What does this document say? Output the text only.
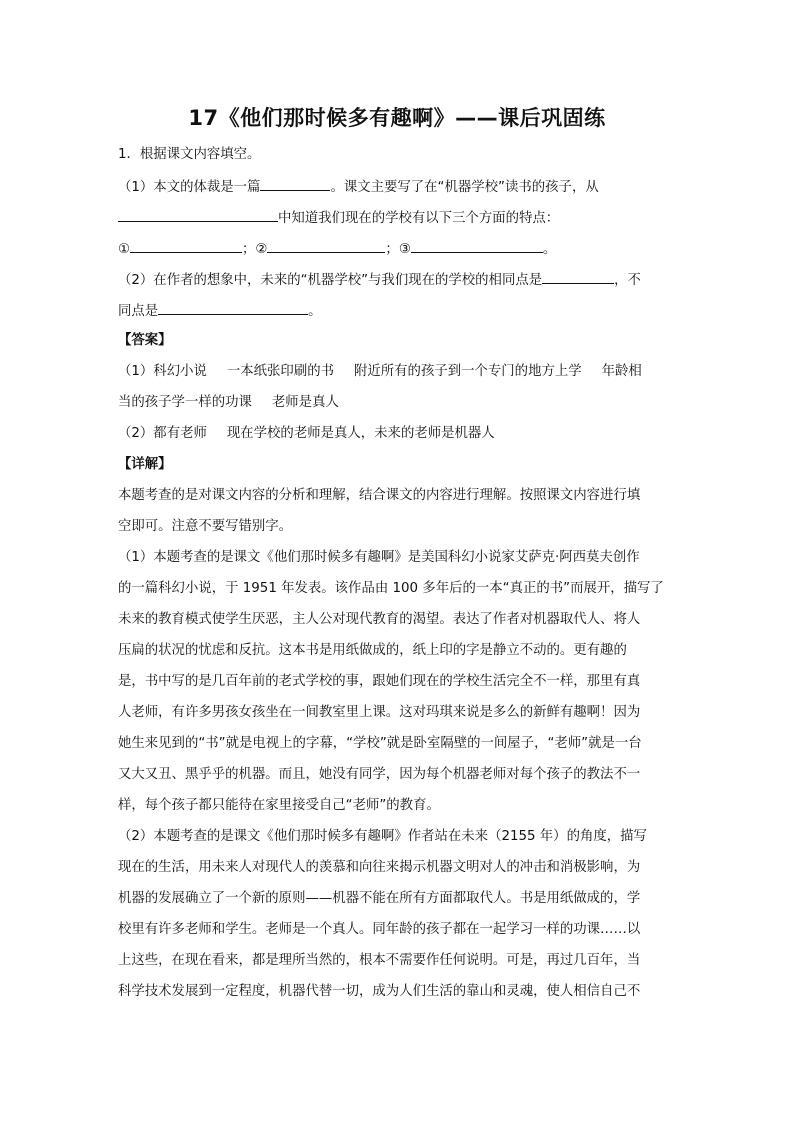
17《他们那时候多有趣啊》——课后巩固练
1．根据课文内容填空。
（1）本文的体裁是一篇	。课文主要写了在“机器学校”读书的孩子，从
中知道我们现在的学校有以下三个方面的特点：
①	；②	；③	。
（2）在作者的想象中，未来的“机器学校”与我们现在的学校的相同点是	，不
同点是	。
【答案】
（1）科幻小说 一本纸张印刷的书 附近所有的孩子到一个专门的地方上学 年龄相
当的孩子学一样的功课 老师是真人
（2）都有老师 现在学校的老师是真人，未来的老师是机器人
【详解】
本题考查的是对课文内容的分析和理解，结合课文的内容进行理解。按照课文内容进行填
空即可。注意不要写错别字。
（1）本题考查的是课文《他们那时候多有趣啊》是美国科幻小说家艾萨克·阿西莫夫创作
的一篇科幻小说，于 1951 年发表。该作品由 100 多年后的一本“真正的书”而展开，描写了
未来的教育模式使学生厌恶，主人公对现代教育的渴望。表达了作者对机器取代人、将人
压扁的状况的忧虑和反抗。这本书是用纸做成的，纸上印的字是静立不动的。更有趣的
是，书中写的是几百年前的老式学校的事，跟她们现在的学校生活完全不一样，那里有真
人老师，有许多男孩女孩坐在一间教室里上课。这对玛琪来说是多么的新鲜有趣啊！因为
她生来见到的“书”就是电视上的字幕，“学校”就是卧室隔壁的一间屋子，“老师”就是一台
又大又丑、黑乎乎的机器。而且，她没有同学，因为每个机器老师对每个孩子的教法不一
样，每个孩子都只能待在家里接受自己“老师”的教育。
（2）本题考查的是课文《他们那时候多有趣啊》作者站在未来（2155 年）的角度，描写
现在的生活，用未来人对现代人的羡慕和向往来揭示机器文明对人的冲击和消极影响，为
机器的发展确立了一个新的原则——机器不能在所有方面都取代人。书是用纸做成的，学
校里有许多老师和学生。老师是一个真人。同年龄的孩子都在一起学习一样的功课……以
上这些，在现在看来，都是理所当然的，根本不需要作任何说明。可是，再过几百年，当
科学技术发展到一定程度，机器代替一切，成为人们生活的靠山和灵魂，使人相信自己不
